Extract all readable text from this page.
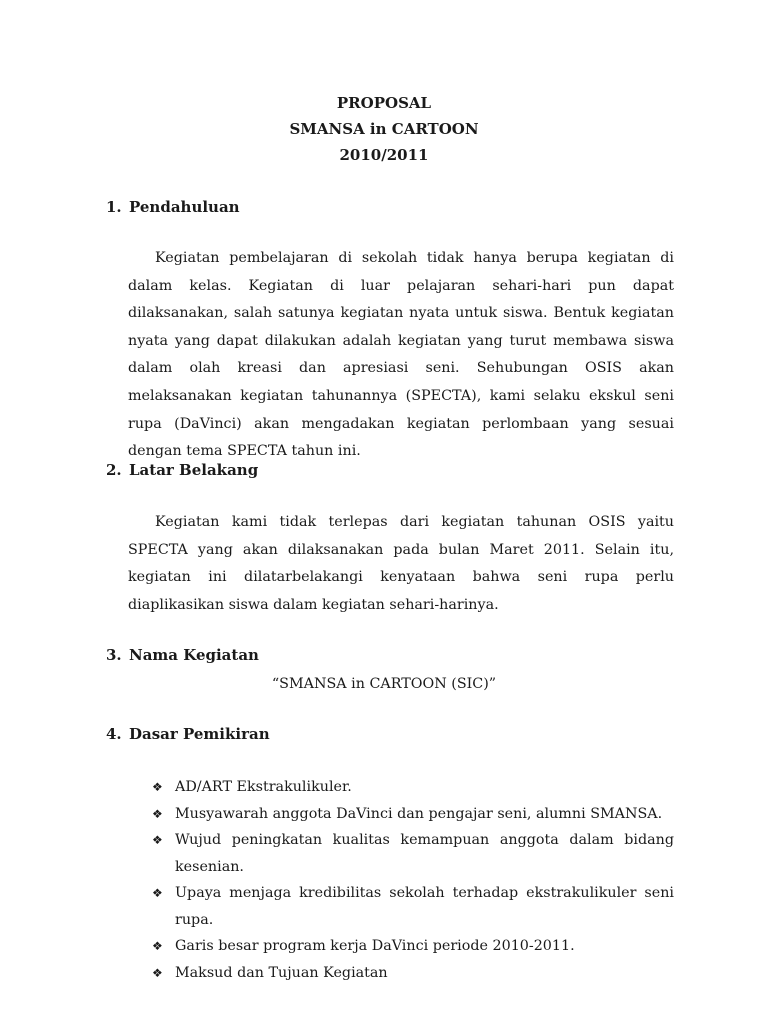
PROPOSAL
SMANSA in CARTOON
2010/2011
1. Pendahuluan

Kegiatan pembelajaran di sekolah tidak hanya berupa kegiatan di dalam kelas. Kegiatan di luar pelajaran sehari-hari pun dapat dilaksanakan, salah satunya kegiatan nyata untuk siswa. Bentuk kegiatan nyata yang dapat dilakukan adalah kegiatan yang turut membawa siswa dalam olah kreasi dan apresiasi seni. Sehubungan OSIS akan melaksanakan kegiatan tahunannya (SPECTA), kami selaku ekskul seni rupa (DaVinci) akan mengadakan kegiatan perlombaan yang sesuai dengan tema SPECTA tahun ini.

2. Latar Belakang

Kegiatan kami tidak terlepas dari kegiatan tahunan OSIS yaitu SPECTA yang akan dilaksanakan pada bulan Maret 2011. Selain itu, kegiatan ini dilatarbelakangi kenyataan bahwa seni rupa perlu diaplikasikan siswa dalam kegiatan sehari-harinya.

3. Nama Kegiatan
“SMANSA in CARTOON (SIC)”
4. Dasar Pemikiran
❖ AD/ART Ekstrakulikuler.
❖ Musyawarah anggota DaVinci dan pengajar seni, alumni SMANSA.
❖ Wujud peningkatan kualitas kemampuan anggota dalam bidang kesenian.
❖ Upaya menjaga kredibilitas sekolah terhadap ekstrakulikuler seni rupa.
❖ Garis besar program kerja DaVinci periode 2010-2011.
❖ Maksud dan Tujuan Kegiatan
